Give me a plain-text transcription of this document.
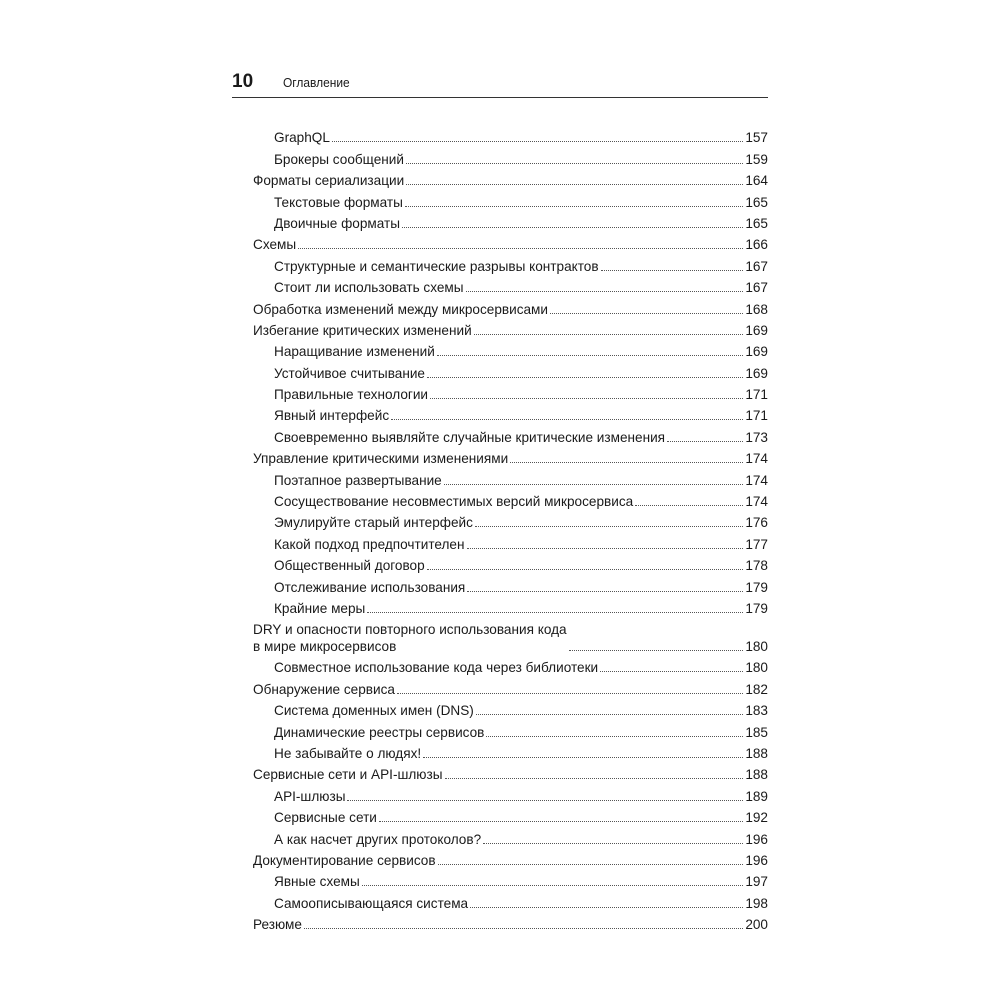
10 Оглавление
GraphQL	157
Брокеры сообщений	159
Форматы сериализации	164
Текстовые форматы	165
Двоичные форматы	165
Схемы	166
Структурные и семантические разрывы контрактов	167
Стоит ли использовать схемы	167
Обработка изменений между микросервисами	168
Избегание критических изменений	169
Наращивание изменений	169
Устойчивое считывание	169
Правильные технологии	171
Явный интерфейс	171
Своевременно выявляйте случайные критические изменения	173
Управление критическими изменениями	174
Поэтапное развертывание	174
Сосуществование несовместимых версий микросервиса	174
Эмулируйте старый интерфейс	176
Какой подход предпочтителен	177
Общественный договор	178
Отслеживание использования	179
Крайние меры	179
DRY и опасности повторного использования кода
в мире микросервисов	180
Совместное использование кода через библиотеки	180
Обнаружение сервиса	182
Система доменных имен (DNS)	183
Динамические реестры сервисов	185
Не забывайте о людях!	188
Сервисные сети и API-шлюзы	188
API-шлюзы	189
Сервисные сети	192
А как насчет других протоколов?	196
Документирование сервисов	196
Явные схемы	197
Самоописывающаяся система	198
Резюме	200
